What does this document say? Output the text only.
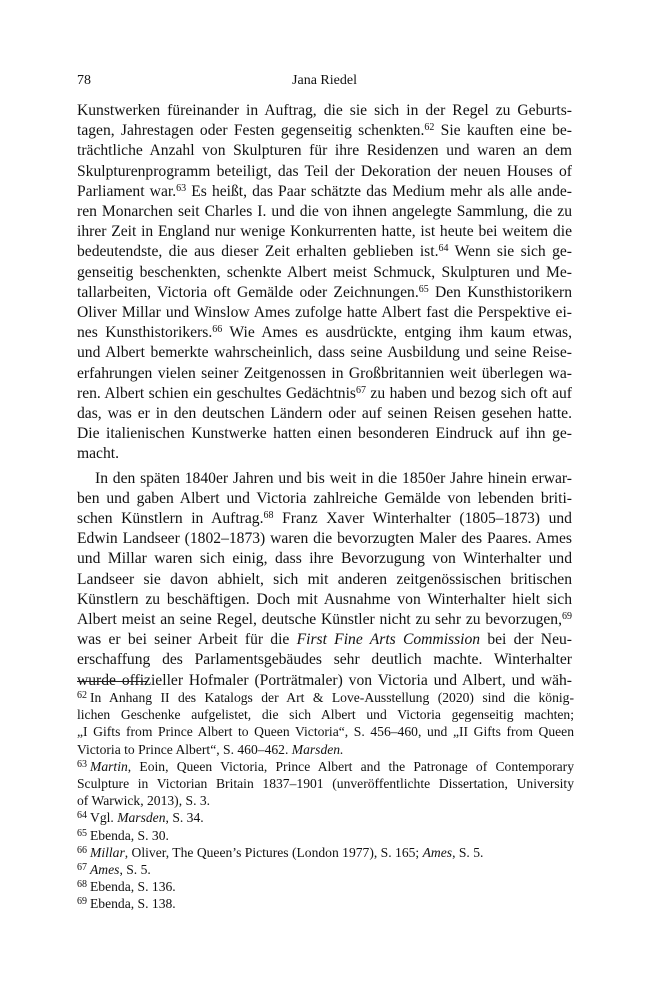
78	Jana Riedel

Kunstwerken füreinander in Auftrag, die sie sich in der Regel zu Geburts-
tagen, Jahrestagen oder Festen gegenseitig schenkten.$^{62}$ Sie kauften eine be-
trächtliche Anzahl von Skulpturen für ihre Residenzen und waren an dem
Skulpturenprogramm beteiligt, das Teil der Dekoration der neuen Houses of
Parliament war.$^{63}$ Es heißt, das Paar schätzte das Medium mehr als alle ande-
ren Monarchen seit Charles I. und die von ihnen angelegte Sammlung, die zu
ihrer Zeit in England nur wenige Konkurrenten hatte, ist heute bei weitem die
bedeutendste, die aus dieser Zeit erhalten geblieben ist.$^{64}$ Wenn sie sich ge-
genseitig beschenkten, schenkte Albert meist Schmuck, Skulpturen und Me-
tallarbeiten, Victoria oft Gemälde oder Zeichnungen.$^{65}$ Den Kunsthistorikern
Oliver Millar und Winslow Ames zufolge hatte Albert fast die Perspektive ei-
nes Kunsthistorikers.$^{66}$ Wie Ames es ausdrückte, entging ihm kaum etwas,
und Albert bemerkte wahrscheinlich, dass seine Ausbildung und seine Reise-
erfahrungen vielen seiner Zeitgenossen in Großbritannien weit überlegen wa-
ren. Albert schien ein geschultes Gedächtnis$^{67}$ zu haben und bezog sich oft auf
das, was er in den deutschen Ländern oder auf seinen Reisen gesehen hatte.
Die italienischen Kunstwerke hatten einen besonderen Eindruck auf ihn ge-
macht.

In den späten 1840er Jahren und bis weit in die 1850er Jahre hinein erwar-
ben und gaben Albert und Victoria zahlreiche Gemälde von lebenden briti-
schen Künstlern in Auftrag.$^{68}$ Franz Xaver Winterhalter (1805–1873) und
Edwin Landseer (1802–1873) waren die bevorzugten Maler des Paares. Ames
und Millar waren sich einig, dass ihre Bevorzugung von Winterhalter und
Landseer sie davon abhielt, sich mit anderen zeitgenössischen britischen
Künstlern zu beschäftigen. Doch mit Ausnahme von Winterhalter hielt sich
Albert meist an seine Regel, deutsche Künstler nicht zu sehr zu bevorzugen,$^{69}$
was er bei seiner Arbeit für die First Fine Arts Commission bei der Neu-
erschaffung des Parlamentsgebäudes sehr deutlich machte. Winterhalter
wurde offizieller Hofmaler (Porträtmaler) von Victoria und Albert, und wäh-

$^{62}$ In Anhang II des Katalogs der Art & Love-Ausstellung (2020) sind die könig-
lichen Geschenke aufgelistet, die sich Albert und Victoria gegenseitig machten;
„I Gifts from Prince Albert to Queen Victoria“, S. 456–460, und „II Gifts from Queen
Victoria to Prince Albert“, S. 460–462. Marsden.
$^{63}$ Martin, Eoin, Queen Victoria, Prince Albert and the Patronage of Contemporary
Sculpture in Victorian Britain 1837–1901 (unveröffentlichte Dissertation, University
of Warwick, 2013), S. 3.
$^{64}$ Vgl. Marsden, S. 34.
$^{65}$ Ebenda, S. 30.
$^{66}$ Millar, Oliver, The Queen’s Pictures (London 1977), S. 165; Ames, S. 5.
$^{67}$ Ames, S. 5.
$^{68}$ Ebenda, S. 136.
$^{69}$ Ebenda, S. 138.
